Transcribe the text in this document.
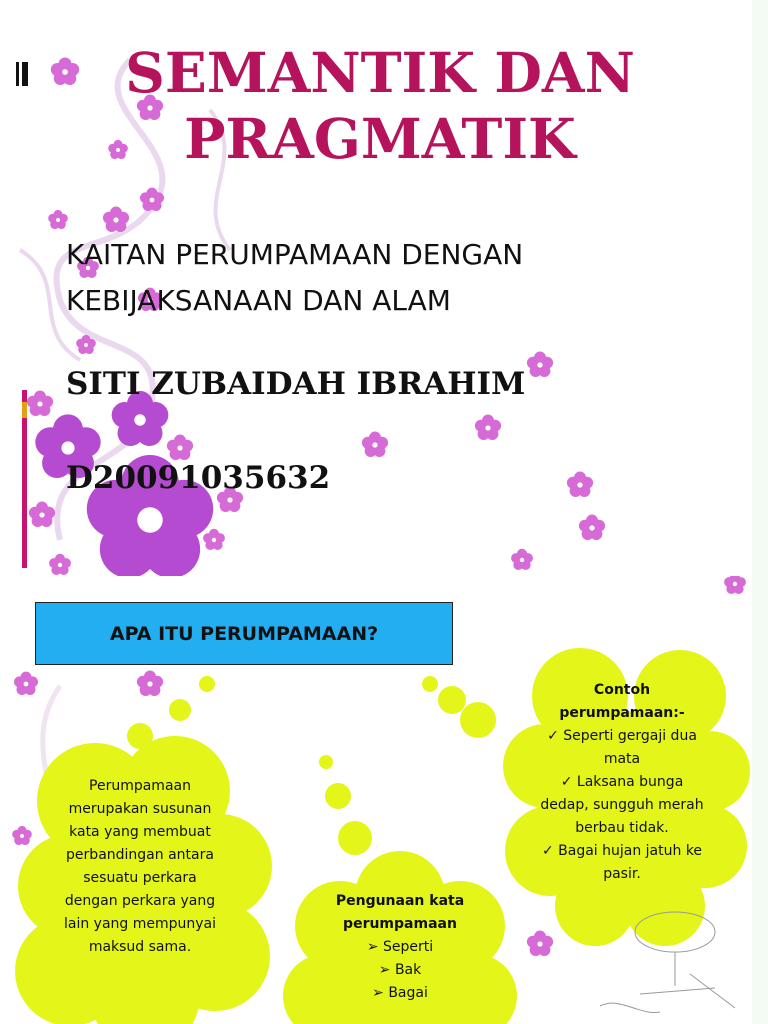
SEMANTIK DAN PRAGMATIK

KAITAN PERUMPAMAAN DENGAN KEBIJAKSANAAN DAN ALAM

SITI ZUBAIDAH IBRAHIM

D20091035632

APA ITU PERUMPAMAAN?
Perumpamaan merupakan susunan kata yang membuat perbandingan antara sesuatu perkara dengan perkara yang lain yang mempunyai maksud sama.
Pengunaan kata perumpamaan
➢ Seperti
➢ Bak
➢ Bagai
Contoh perumpamaan:-
✓ Seperti gergaji dua mata
✓ Laksana bunga dedap, sungguh merah berbau tidak.
✓ Bagai hujan jatuh ke pasir.
